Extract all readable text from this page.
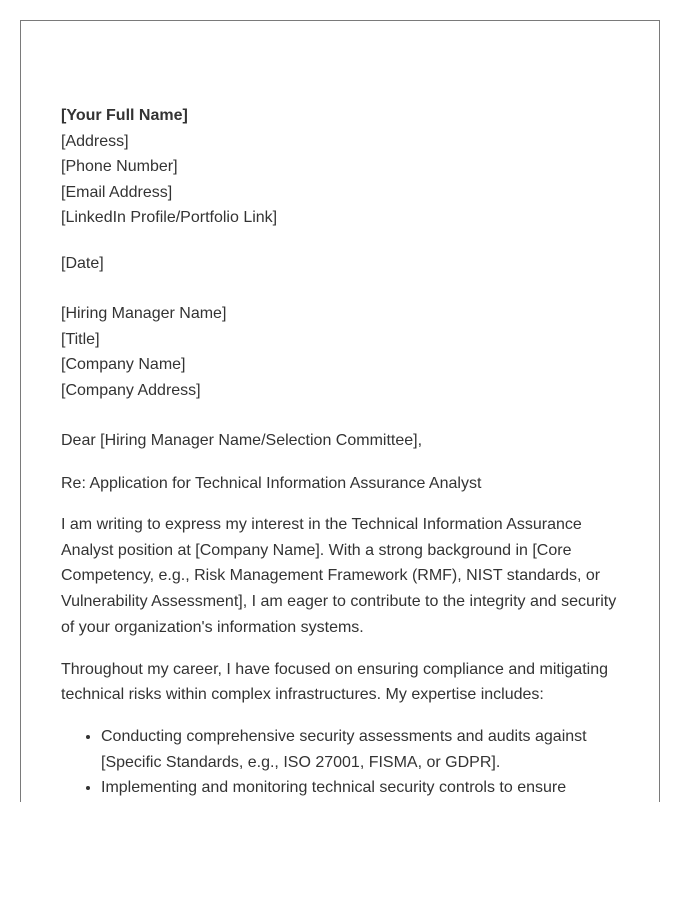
[Your Full Name]
[Address]
[Phone Number]
[Email Address]
[LinkedIn Profile/Portfolio Link]
[Date]
[Hiring Manager Name]
[Title]
[Company Name]
[Company Address]
Dear [Hiring Manager Name/Selection Committee],
Re: Application for Technical Information Assurance Analyst

I am writing to express my interest in the Technical Information Assurance Analyst position at [Company Name]. With a strong background in [Core Competency, e.g., Risk Management Framework (RMF), NIST standards, or Vulnerability Assessment], I am eager to contribute to the integrity and security of your organization's information systems.

Throughout my career, I have focused on ensuring compliance and mitigating technical risks within complex infrastructures. My expertise includes:

• Conducting comprehensive security assessments and audits against [Specific Standards, e.g., ISO 27001, FISMA, or GDPR].
• Implementing and monitoring technical security controls to ensure
